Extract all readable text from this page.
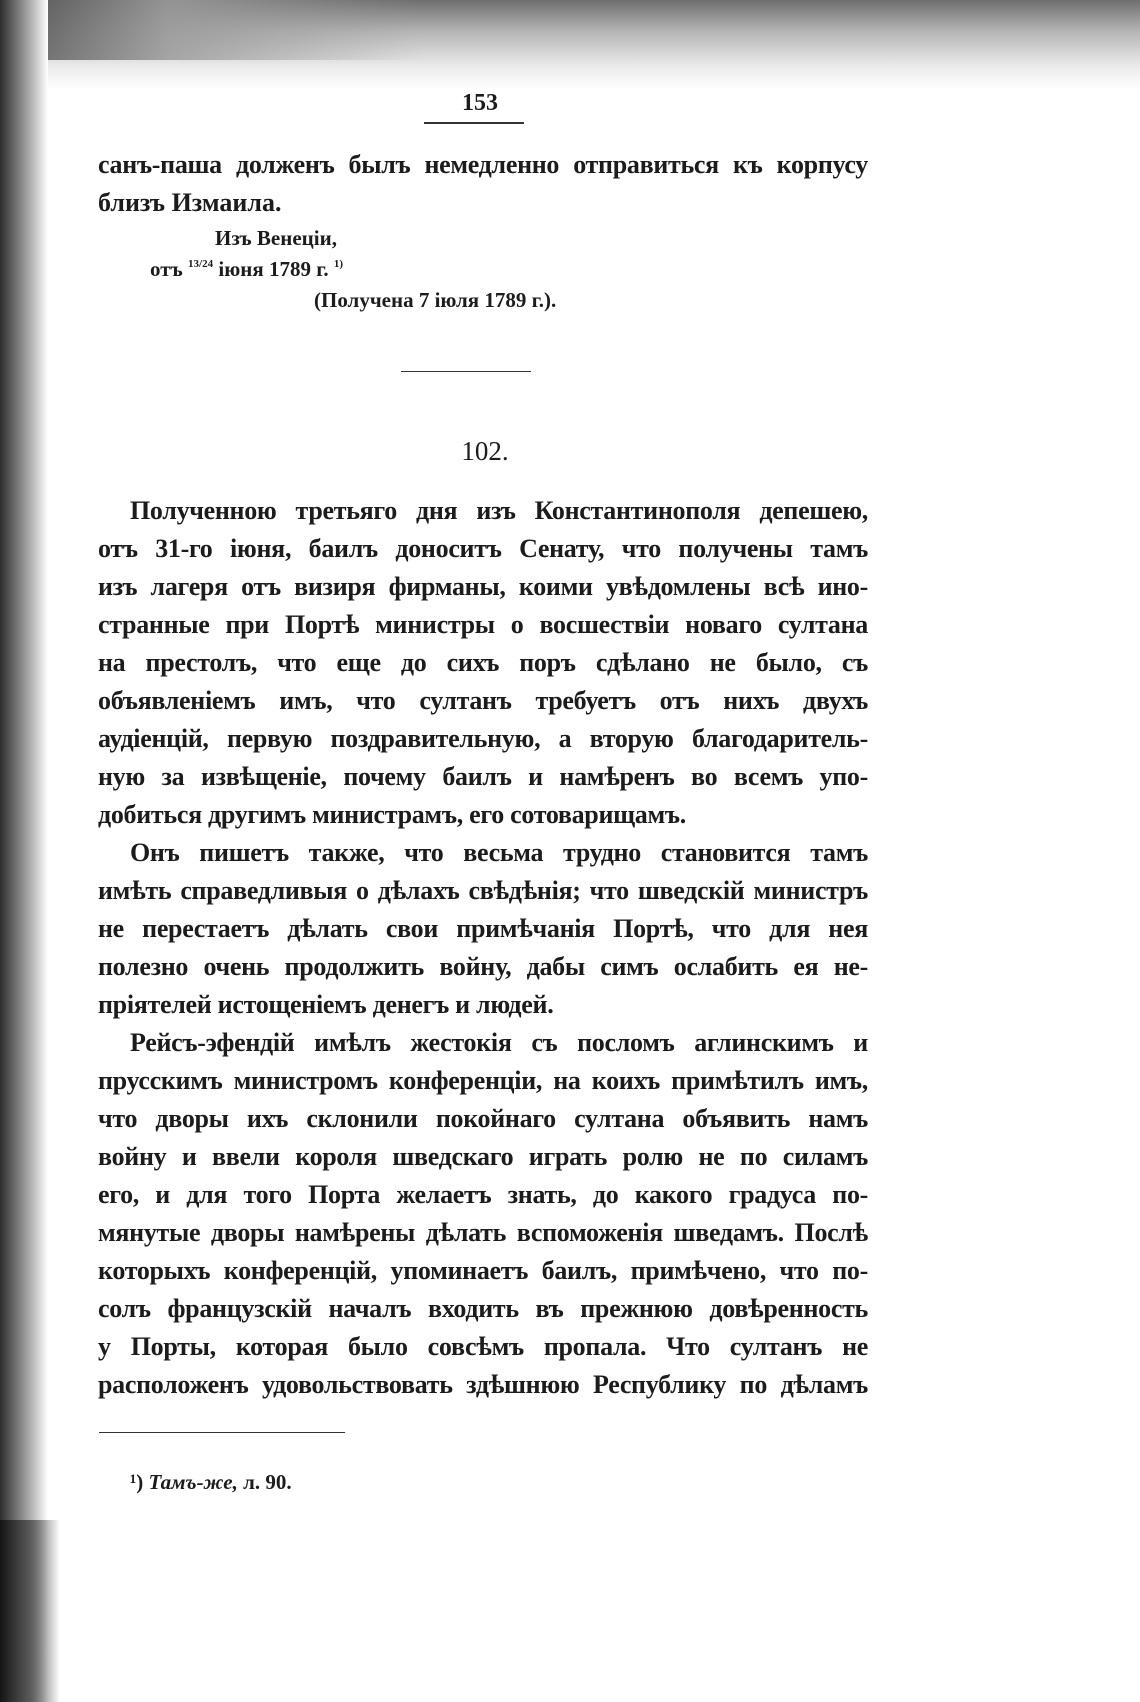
153
санъ-паша долженъ былъ немедленно отправиться къ корпусу
близъ Измаила.
Изъ Венеціи,
отъ $^{13/24}$ іюня 1789 г. $^{1)}$
(Получена 7 іюля 1789 г.).
102.
Полученною третьяго дня изъ Константинополя депешею,
отъ 31-го іюня, баилъ доноситъ Сенату, что получены тамъ
изъ лагеря отъ визиря фирманы, коими увѣдомлены всѣ ино-
странные при Портѣ министры о восшествіи новаго султана
на престолъ, что еще до сихъ поръ сдѣлано не было, съ
объявленіемъ имъ, что султанъ требуетъ отъ нихъ двухъ
аудіенцій, первую поздравительную, а вторую благодаритель-
ную за извѣщеніе, почему баилъ и намѣренъ во всемъ упо-
добиться другимъ министрамъ, его сотоварищамъ.
Онъ пишетъ также, что весьма трудно становится тамъ
имѣть справедливыя о дѣлахъ свѣдѣнія; что шведскій министръ
не перестаетъ дѣлать свои примѣчанія Портѣ, что для нея
полезно очень продолжить войну, дабы симъ ослабить ея не-
пріятелей истощеніемъ денегъ и людей.
Рейсъ-эфендій имѣлъ жестокія съ посломъ аглинскимъ и
прусскимъ министромъ конференціи, на коихъ примѣтилъ имъ,
что дворы ихъ склонили покойнаго султана объявить намъ
войну и ввели короля шведскаго играть ролю не по силамъ
его, и для того Порта желаетъ знать, до какого градуса по-
мянутые дворы намѣрены дѣлать вспоможенія шведамъ. Послѣ
которыхъ конференцій, упоминаетъ баилъ, примѣчено, что по-
солъ французскій началъ входить въ прежнюю довѣренность
у Порты, которая было совсѣмъ пропала. Что султанъ не
расположенъ удовольствовать здѣшнюю Республику по дѣламъ
¹) Тамъ-же, л. 90.
